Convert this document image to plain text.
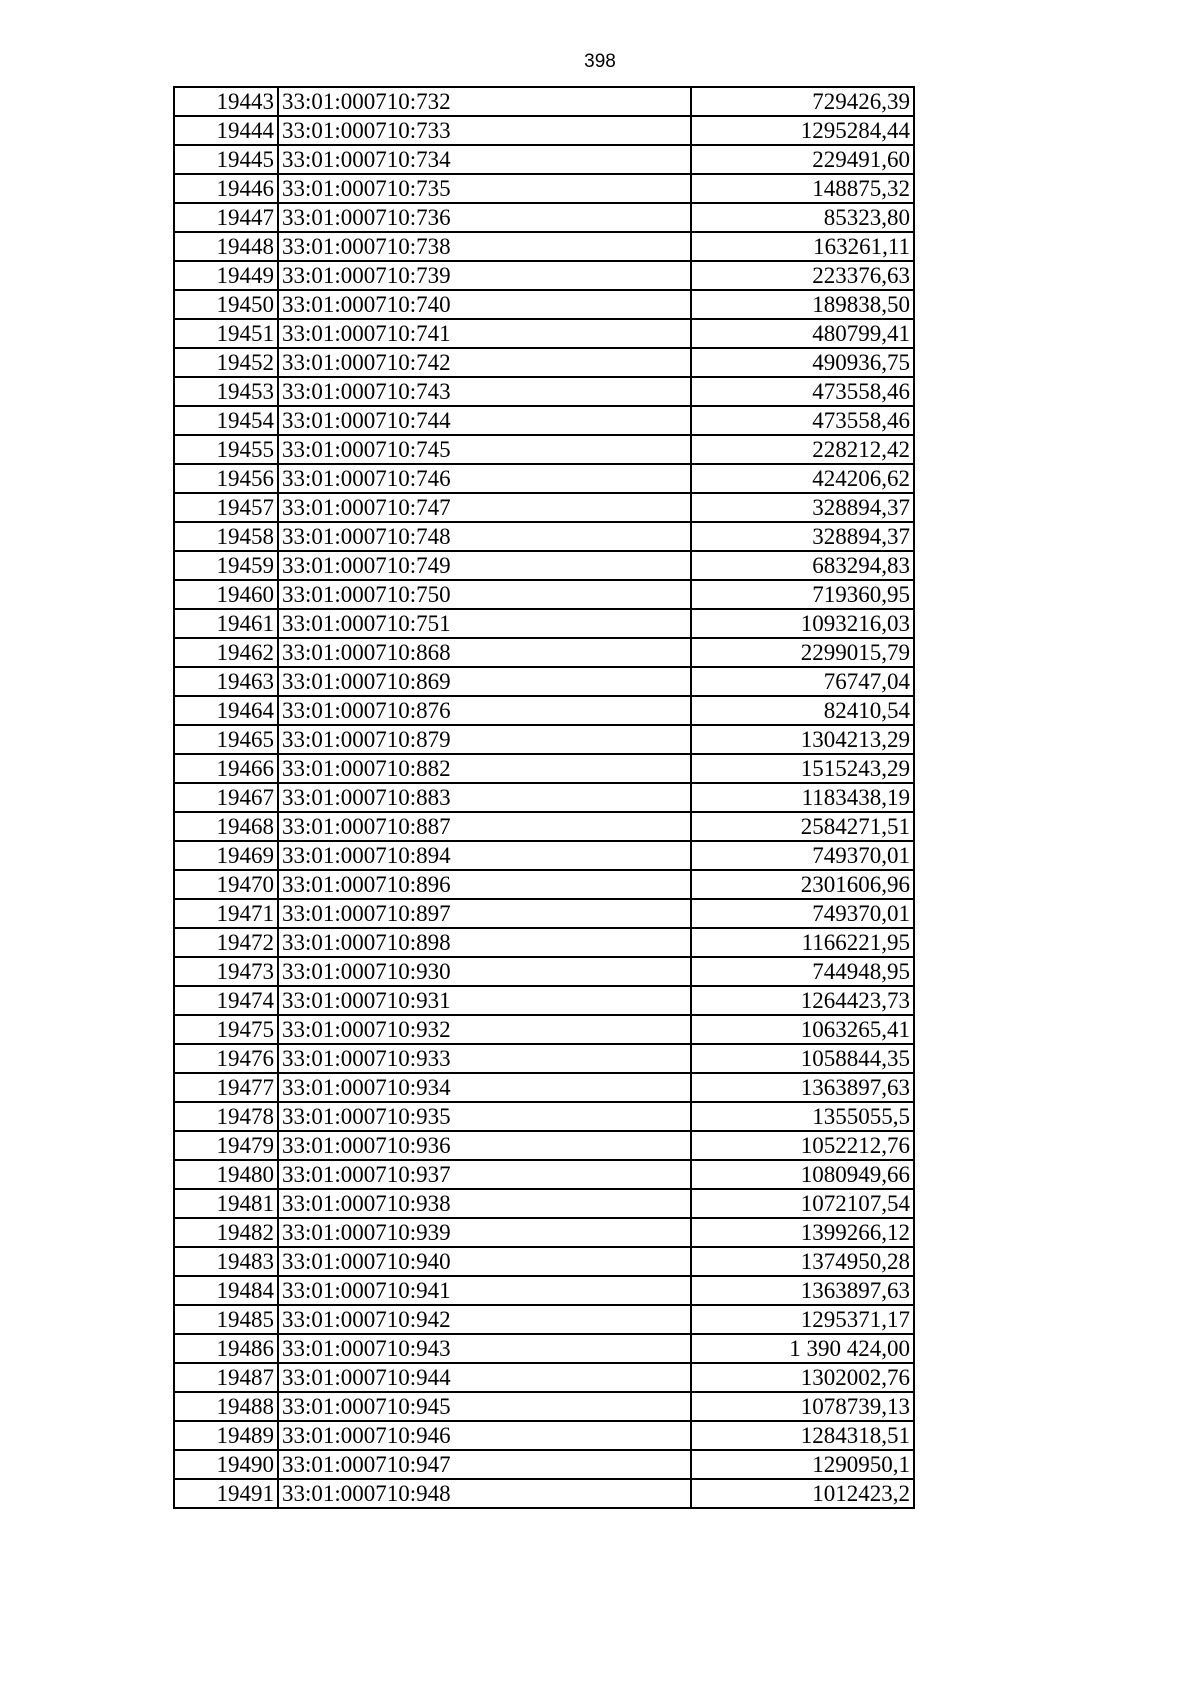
398
19443	33:01:000710:732	729426,39
19444	33:01:000710:733	1295284,44
19445	33:01:000710:734	229491,60
19446	33:01:000710:735	148875,32
19447	33:01:000710:736	85323,80
19448	33:01:000710:738	163261,11
19449	33:01:000710:739	223376,63
19450	33:01:000710:740	189838,50
19451	33:01:000710:741	480799,41
19452	33:01:000710:742	490936,75
19453	33:01:000710:743	473558,46
19454	33:01:000710:744	473558,46
19455	33:01:000710:745	228212,42
19456	33:01:000710:746	424206,62
19457	33:01:000710:747	328894,37
19458	33:01:000710:748	328894,37
19459	33:01:000710:749	683294,83
19460	33:01:000710:750	719360,95
19461	33:01:000710:751	1093216,03
19462	33:01:000710:868	2299015,79
19463	33:01:000710:869	76747,04
19464	33:01:000710:876	82410,54
19465	33:01:000710:879	1304213,29
19466	33:01:000710:882	1515243,29
19467	33:01:000710:883	1183438,19
19468	33:01:000710:887	2584271,51
19469	33:01:000710:894	749370,01
19470	33:01:000710:896	2301606,96
19471	33:01:000710:897	749370,01
19472	33:01:000710:898	1166221,95
19473	33:01:000710:930	744948,95
19474	33:01:000710:931	1264423,73
19475	33:01:000710:932	1063265,41
19476	33:01:000710:933	1058844,35
19477	33:01:000710:934	1363897,63
19478	33:01:000710:935	1355055,5
19479	33:01:000710:936	1052212,76
19480	33:01:000710:937	1080949,66
19481	33:01:000710:938	1072107,54
19482	33:01:000710:939	1399266,12
19483	33:01:000710:940	1374950,28
19484	33:01:000710:941	1363897,63
19485	33:01:000710:942	1295371,17
19486	33:01:000710:943	1 390 424,00
19487	33:01:000710:944	1302002,76
19488	33:01:000710:945	1078739,13
19489	33:01:000710:946	1284318,51
19490	33:01:000710:947	1290950,1
19491	33:01:000710:948	1012423,2
